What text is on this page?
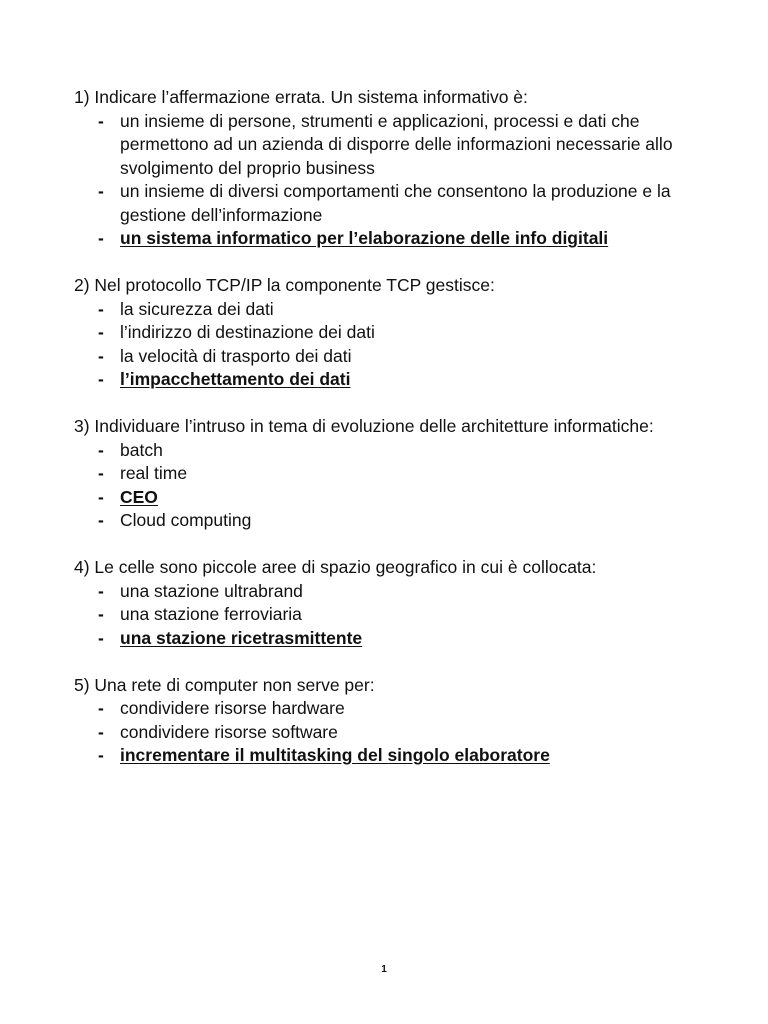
1) Indicare l’affermazione errata. Un sistema informativo è:

- un insieme di persone, strumenti e applicazioni, processi e dati che permettono ad un azienda di disporre delle informazioni necessarie allo svolgimento del proprio business
- un insieme di diversi comportamenti che consentono la produzione e la gestione dell’informazione
- un sistema informatico per l’elaborazione delle info digitali

2) Nel protocollo TCP/IP la componente TCP gestisce:

- la sicurezza dei dati
- l’indirizzo di destinazione dei dati
- la velocità di trasporto dei dati
- l’impacchettamento dei dati

3) Individuare l’intruso in tema di evoluzione delle architetture informatiche:

- batch
- real time
- CEO
- Cloud computing

4) Le celle sono piccole aree di spazio geografico in cui è collocata:

- una stazione ultrabrand
- una stazione ferroviaria
- una stazione ricetrasmittente

5) Una rete di computer non serve per:

- condividere risorse hardware
- condividere risorse software
- incrementare il multitasking del singolo elaboratore
1
